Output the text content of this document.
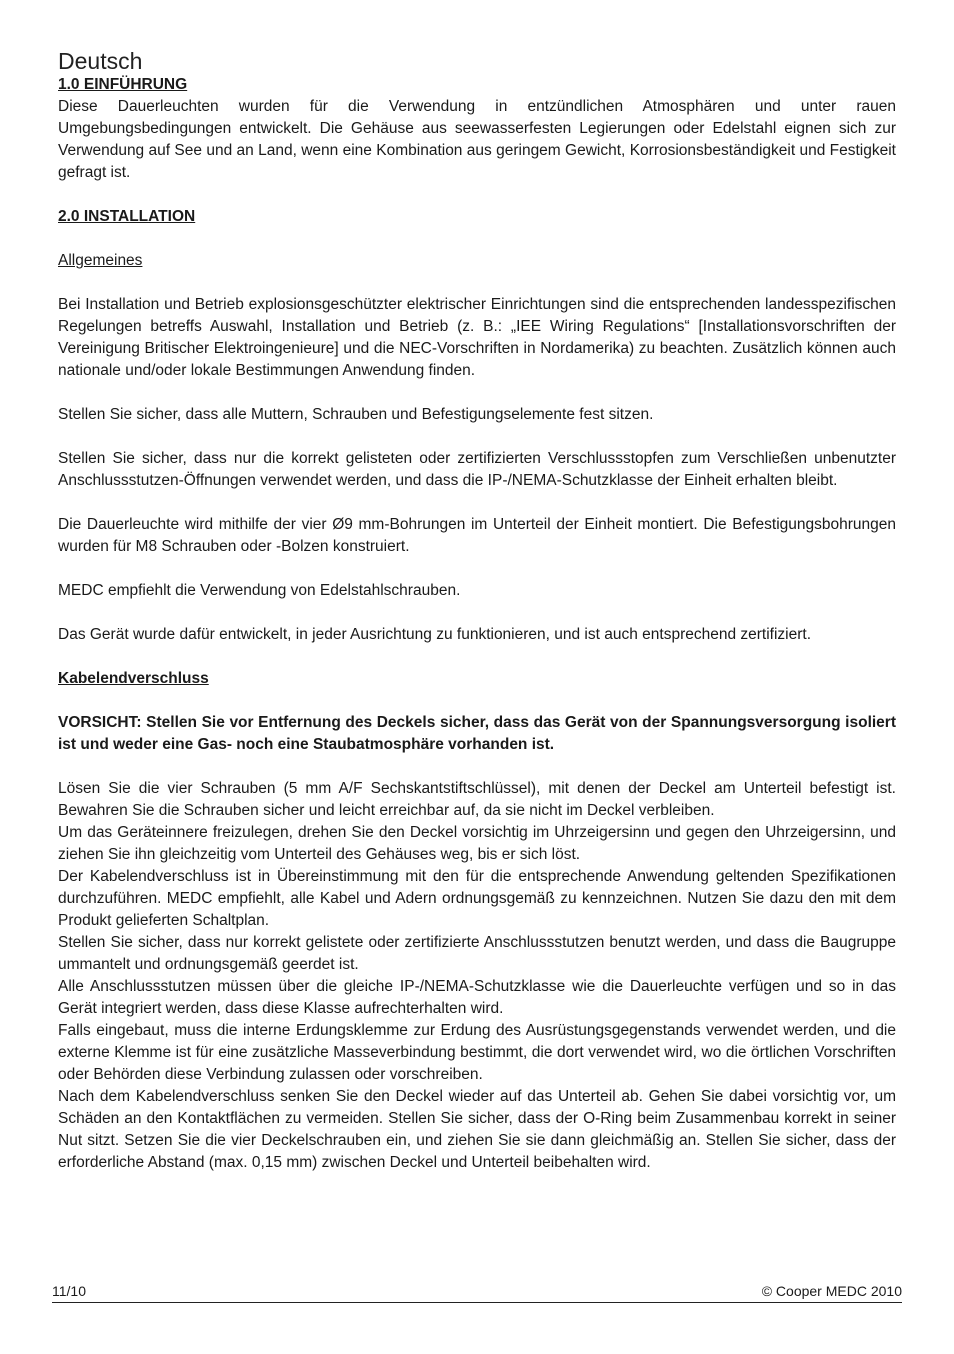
Deutsch
1.0 EINFÜHRUNG

Diese Dauerleuchten wurden für die Verwendung in entzündlichen Atmosphären und unter rauen Umgebungsbedingungen entwickelt. Die Gehäuse aus seewasserfesten Legierungen oder Edelstahl eignen sich zur Verwendung auf See und an Land, wenn eine Kombination aus geringem Gewicht, Korrosionsbeständigkeit und Festigkeit gefragt ist.

2.0 INSTALLATION
Allgemeines

Bei Installation und Betrieb explosionsgeschützter elektrischer Einrichtungen sind die entsprechenden landesspezifischen Regelungen betreffs Auswahl, Installation und Betrieb (z. B.: „IEE Wiring Regulations“ [Installationsvorschriften der Vereinigung Britischer Elektroingenieure] und die NEC-Vorschriften in Nordamerika) zu beachten. Zusätzlich können auch nationale und/oder lokale Bestimmungen Anwendung finden.

Stellen Sie sicher, dass alle Muttern, Schrauben und Befestigungselemente fest sitzen.

Stellen Sie sicher, dass nur die korrekt gelisteten oder zertifizierten Verschlussstopfen zum Verschließen unbenutzter Anschlussstutzen-Öffnungen verwendet werden, und dass die IP-/NEMA-Schutzklasse der Einheit erhalten bleibt.

Die Dauerleuchte wird mithilfe der vier Ø9 mm-Bohrungen im Unterteil der Einheit montiert. Die Befestigungsbohrungen wurden für M8 Schrauben oder -Bolzen konstruiert.

MEDC empfiehlt die Verwendung von Edelstahlschrauben.

Das Gerät wurde dafür entwickelt, in jeder Ausrichtung zu funktionieren, und ist auch entsprechend zertifiziert.

Kabelendverschluss

VORSICHT: Stellen Sie vor Entfernung des Deckels sicher, dass das Gerät von der Spannungsversorgung isoliert ist und weder eine Gas- noch eine Staubatmosphäre vorhanden ist.

Lösen Sie die vier Schrauben (5 mm A/F Sechskantstiftschlüssel), mit denen der Deckel am Unterteil befestigt ist. Bewahren Sie die Schrauben sicher und leicht erreichbar auf, da sie nicht im Deckel verbleiben.

Um das Geräteinnere freizulegen, drehen Sie den Deckel vorsichtig im Uhrzeigersinn und gegen den Uhrzeigersinn, und ziehen Sie ihn gleichzeitig vom Unterteil des Gehäuses weg, bis er sich löst.

Der Kabelendverschluss ist in Übereinstimmung mit den für die entsprechende Anwendung geltenden Spezifikationen durchzuführen. MEDC empfiehlt, alle Kabel und Adern ordnungsgemäß zu kennzeichnen. Nutzen Sie dazu den mit dem Produkt gelieferten Schaltplan.

Stellen Sie sicher, dass nur korrekt gelistete oder zertifizierte Anschlussstutzen benutzt werden, und dass die Baugruppe ummantelt und ordnungsgemäß geerdet ist.

Alle Anschlussstutzen müssen über die gleiche IP-/NEMA-Schutzklasse wie die Dauerleuchte verfügen und so in das Gerät integriert werden, dass diese Klasse aufrechterhalten wird.

Falls eingebaut, muss die interne Erdungsklemme zur Erdung des Ausrüstungsgegenstands verwendet werden, und die externe Klemme ist für eine zusätzliche Masseverbindung bestimmt, die dort verwendet wird, wo die örtlichen Vorschriften oder Behörden diese Verbindung zulassen oder vorschreiben.

Nach dem Kabelendverschluss senken Sie den Deckel wieder auf das Unterteil ab. Gehen Sie dabei vorsichtig vor, um Schäden an den Kontaktflächen zu vermeiden. Stellen Sie sicher, dass der O-Ring beim Zusammenbau korrekt in seiner Nut sitzt. Setzen Sie die vier Deckelschrauben ein, und ziehen Sie sie dann gleichmäßig an. Stellen Sie sicher, dass der erforderliche Abstand (max. 0,15 mm) zwischen Deckel und Unterteil beibehalten wird.

11/10	© Cooper MEDC 2010
